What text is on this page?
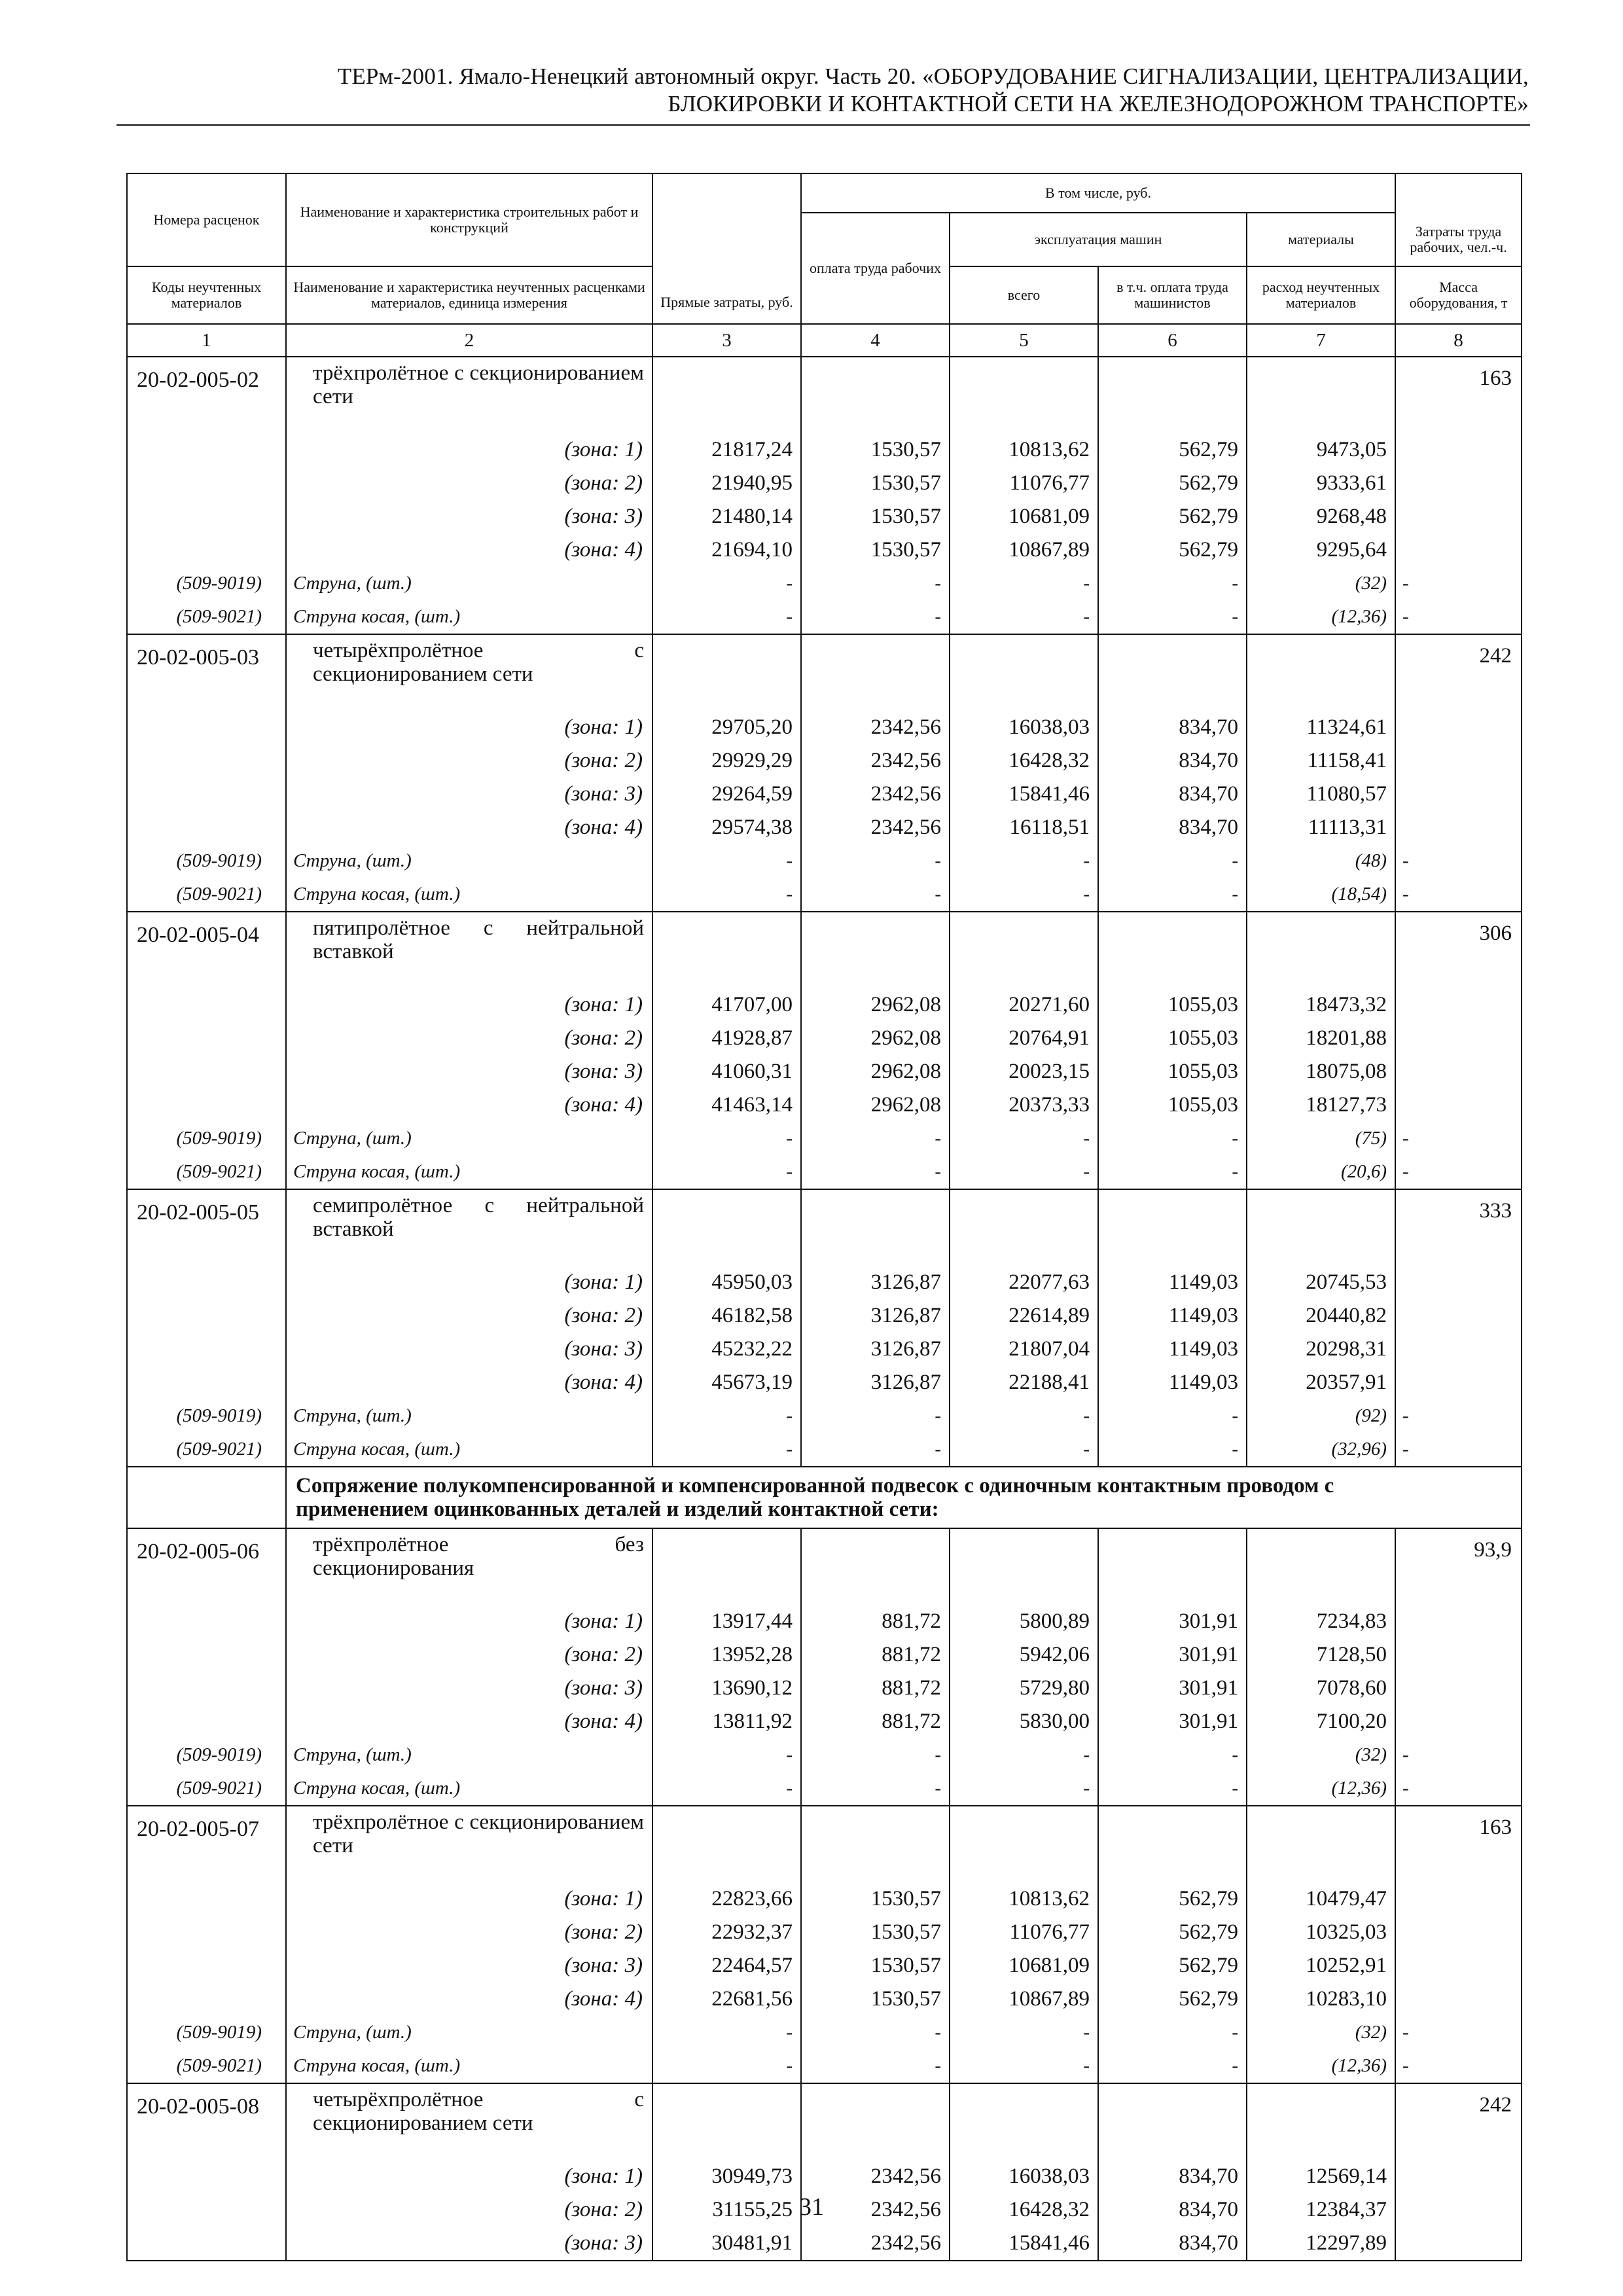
ТЕРм-2001. Ямало-Ненецкий автономный округ. Часть 20. «ОБОРУДОВАНИЕ СИГНАЛИЗАЦИИ, ЦЕНТРАЛИЗАЦИИ,
БЛОКИРОВКИ И КОНТАКТНОЙ СЕТИ НА ЖЕЛЕЗНОДОРОЖНОМ ТРАНСПОРТЕ»
Номера расценок	Наименование и характеристика строительных работ и конструкций	Прямые затраты, руб.	В том числе, руб.				
			оплата труда рабочих	эксплуатация машин		материалы	Затраты труда рабочих, чел.-ч.
Коды неучтенных материалов	Наименование и характеристика неучтенных расценками материалов, единица измерения			всего	в т.ч. оплата труда машинистов	расход неучтенных материалов	Масса оборудования, т
1	2	3	4	5	6	7	8
20-02-005-02	трёхпролётное с секционированием сети						163
	(зона: 1)	21817,24	1530,57	10813,62	562,79	9473,05	
	(зона: 2)	21940,95	1530,57	11076,77	562,79	9333,61	
	(зона: 3)	21480,14	1530,57	10681,09	562,79	9268,48	
	(зона: 4)	21694,10	1530,57	10867,89	562,79	9295,64	
(509-9019)	Струна, (шт.)	-	-	-	-	(32)	-
(509-9021)	Струна косая, (шт.)	-	-	-	-	(12,36)	-
20-02-005-03	четырёхпролётное с секционированием сети						242
	(зона: 1)	29705,20	2342,56	16038,03	834,70	11324,61	
	(зона: 2)	29929,29	2342,56	16428,32	834,70	11158,41	
	(зона: 3)	29264,59	2342,56	15841,46	834,70	11080,57	
	(зона: 4)	29574,38	2342,56	16118,51	834,70	11113,31	
(509-9019)	Струна, (шт.)	-	-	-	-	(48)	-
(509-9021)	Струна косая, (шт.)	-	-	-	-	(18,54)	-
20-02-005-04	пятипролётное с нейтральной вставкой						306
	(зона: 1)	41707,00	2962,08	20271,60	1055,03	18473,32	
	(зона: 2)	41928,87	2962,08	20764,91	1055,03	18201,88	
	(зона: 3)	41060,31	2962,08	20023,15	1055,03	18075,08	
	(зона: 4)	41463,14	2962,08	20373,33	1055,03	18127,73	
(509-9019)	Струна, (шт.)	-	-	-	-	(75)	-
(509-9021)	Струна косая, (шт.)	-	-	-	-	(20,6)	-
20-02-005-05	семипролётное с нейтральной вставкой						333
	(зона: 1)	45950,03	3126,87	22077,63	1149,03	20745,53	
	(зона: 2)	46182,58	3126,87	22614,89	1149,03	20440,82	
	(зона: 3)	45232,22	3126,87	21807,04	1149,03	20298,31	
	(зона: 4)	45673,19	3126,87	22188,41	1149,03	20357,91	
(509-9019)	Струна, (шт.)	-	-	-	-	(92)	-
(509-9021)	Струна косая, (шт.)	-	-	-	-	(32,96)	-
	Сопряжение полукомпенсированной и компенсированной подвесок с одиночным контактным проводом с применением оцинкованных деталей и изделий контактной сети:						
20-02-005-06	трёхпролётное без секционирования						93,9
	(зона: 1)	13917,44	881,72	5800,89	301,91	7234,83	
	(зона: 2)	13952,28	881,72	5942,06	301,91	7128,50	
	(зона: 3)	13690,12	881,72	5729,80	301,91	7078,60	
	(зона: 4)	13811,92	881,72	5830,00	301,91	7100,20	
(509-9019)	Струна, (шт.)	-	-	-	-	(32)	-
(509-9021)	Струна косая, (шт.)	-	-	-	-	(12,36)	-
20-02-005-07	трёхпролётное с секционированием сети						163
	(зона: 1)	22823,66	1530,57	10813,62	562,79	10479,47	
	(зона: 2)	22932,37	1530,57	11076,77	562,79	10325,03	
	(зона: 3)	22464,57	1530,57	10681,09	562,79	10252,91	
	(зона: 4)	22681,56	1530,57	10867,89	562,79	10283,10	
(509-9019)	Струна, (шт.)	-	-	-	-	(32)	-
(509-9021)	Струна косая, (шт.)	-	-	-	-	(12,36)	-
20-02-005-08	четырёхпролётное с секционированием сети						242
	(зона: 1)	30949,73	2342,56	16038,03	834,70	12569,14	
	(зона: 2)	31155,25	2342,56	16428,32	834,70	12384,37	
	(зона: 3)	30481,91	2342,56	15841,46	834,70	12297,89	
31
